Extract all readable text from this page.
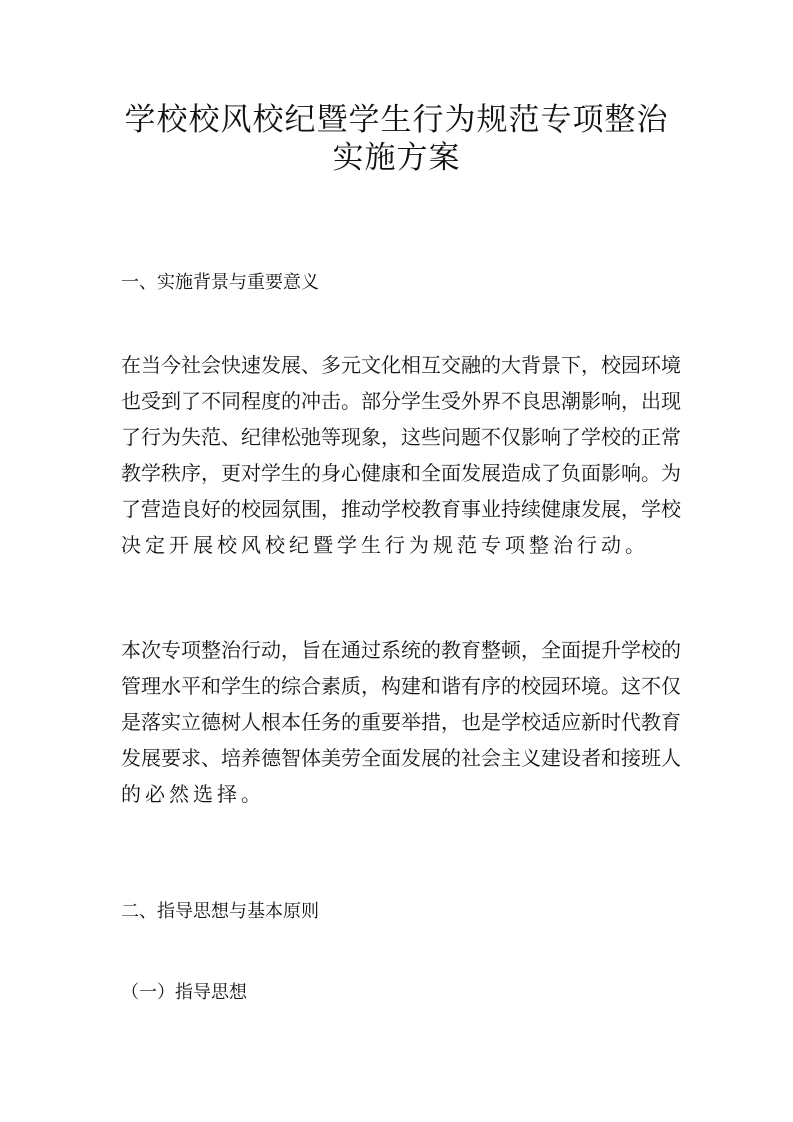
学校校风校纪暨学生行为规范专项整治
实施方案
一、实施背景与重要意义
在当今社会快速发展、多元文化相互交融的大背景下，校园环境
也受到了不同程度的冲击。部分学生受外界不良思潮影响，出现
了行为失范、纪律松弛等现象，这些问题不仅影响了学校的正常
教学秩序，更对学生的身心健康和全面发展造成了负面影响。为
了营造良好的校园氛围，推动学校教育事业持续健康发展，学校
决定开展校风校纪暨学生行为规范专项整治行动。
本次专项整治行动，旨在通过系统的教育整顿，全面提升学校的
管理水平和学生的综合素质，构建和谐有序的校园环境。这不仅
是落实立德树人根本任务的重要举措，也是学校适应新时代教育
发展要求、培养德智体美劳全面发展的社会主义建设者和接班人
的必然选择。
二、指导思想与基本原则
（一）指导思想
